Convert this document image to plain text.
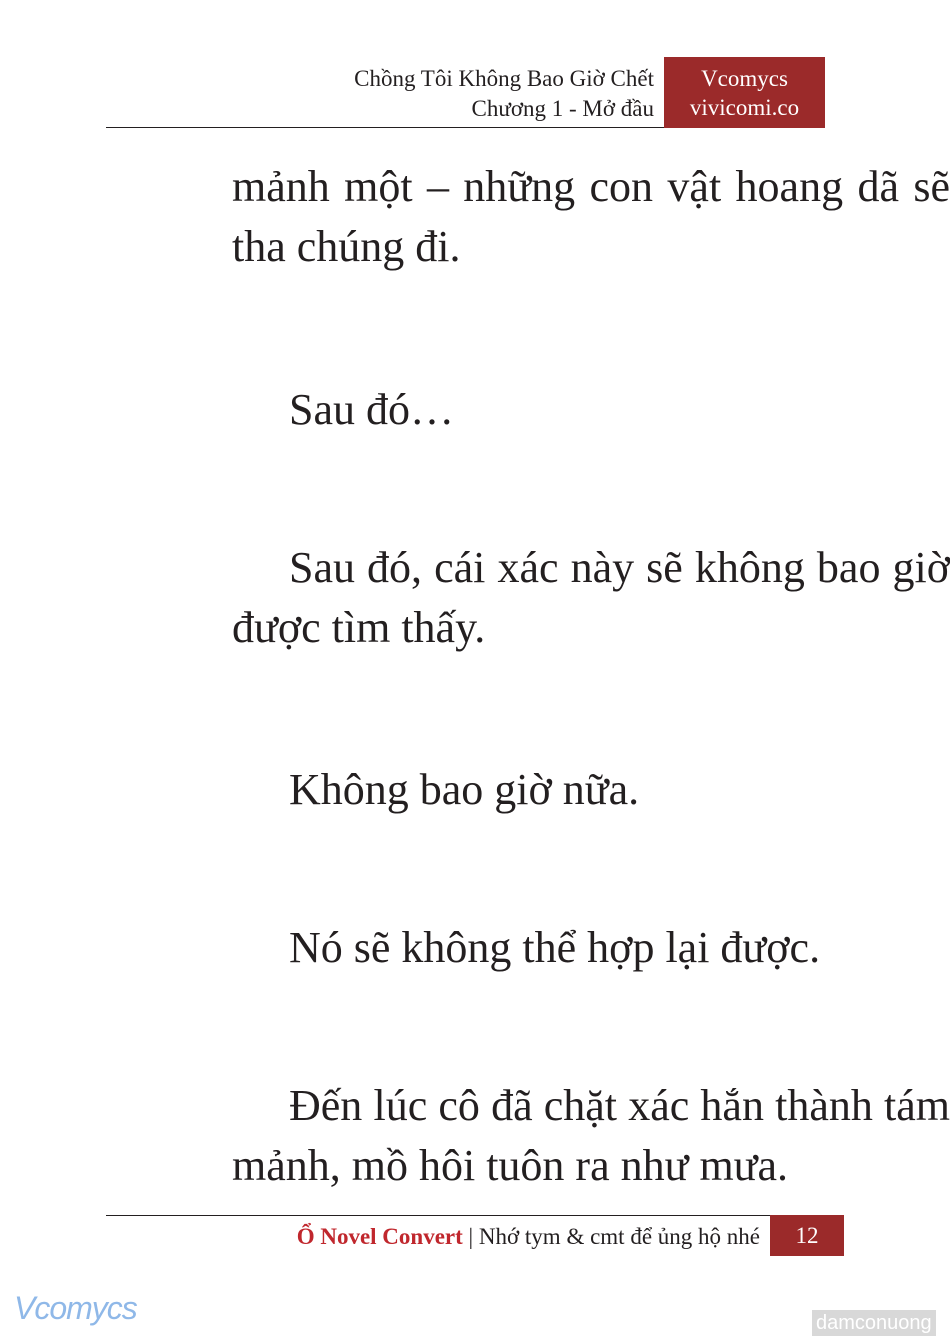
Chồng Tôi Không Bao Giờ Chết
Chương 1 - Mở đầu
Vcomycs
vivicomi.co

mảnh một – những con vật hoang dã sẽ tha chúng đi.

Sau đó…

Sau đó, cái xác này sẽ không bao giờ được tìm thấy.

Không bao giờ nữa.

Nó sẽ không thể hợp lại được.

Đến lúc cô đã chặt xác hắn thành tám mảnh, mồ hôi tuôn ra như mưa.

Ổ Novel Convert | Nhớ tym & cmt để ủng hộ nhé	12
Vcomycs	damconuong
